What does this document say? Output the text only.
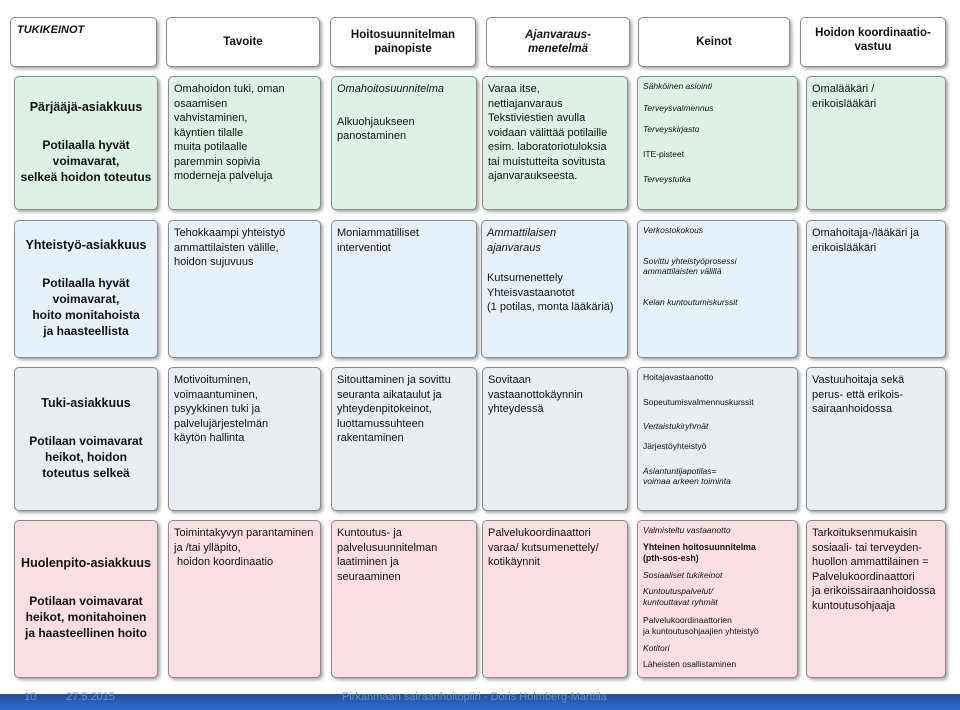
TUKIKEINOT
Tavoite
Hoitosuunnitelman
painopiste
Ajanvaraus-
menetelmä
Keinot
Hoidon koordinaatio-
vastuu
Pärjääjä-asiakkuus
Potilaalla hyvät
voimavarat,
selkeä hoidon toteutus
Omahoidon tuki, oman
osaamisen
vahvistaminen,
käyntien tilalle
muita potilaalle
paremmin sopivia
moderneja palveluja
Omahoitosuunnitelma
Alkuohjaukseen
panostaminen
Varaa itse,
nettiajanvaraus
Tekstiviestien avulla
voidaan välittää potilaille
esim. laboratoriotuloksia
tai muistutteita sovitusta
ajanvaraukseesta.
Sähköinen asiointi
Terveysvalmennus
Terveyskirjasto
ITE-pisteet
Terveystutka
Omalääkäri / erikoislääkäri
Yhteistyö-asiakkuus
Potilaalla hyvät
voimavarat,
hoito monitahoista
ja haasteellista
Tehokkaampi yhteistyö
ammattilaisten välille,
hoidon sujuvuus
Moniammatilliset
interventiot
Ammattilaisen
ajanvaraus
Kutsumenettely
Yhteisvastaanotot
(1 potilas, monta lääkäriä)
Verkostokokous
Sovittu yhteistyöprosessi
ammattilaisten välillä
Kelan kuntoutumiskurssit
Omahoitaja-/lääkäri ja
erikoislääkäri
Tuki-asiakkuus
Potilaan voimavarat
heikot, hoidon
toteutus selkeä
Motivoituminen,
voimaantuminen,
psyykkinen tuki ja
palvelujärjestelmän
käytön hallinta
Sitouttaminen ja sovittu
seuranta aikataulut ja
yhteydenpitokeinot,
luottamussuhteen
rakentaminen
Sovitaan
vastaanottokäynnin
yhteydessä
Hoitajavastaanotto
Sopeutumisvalmennuskurssit
Vertaistukiryhmät
Järjestöyhteistyö
Asiantuntijapotilas=
voimaa arkeen toiminta
Vastuuhoitaja sekä
perus- että erikois-
sairaanhoidossa
Huolenpito-asiakkuus
Potilaan voimavarat
heikot, monitahoinen
ja haasteellinen hoito
Toimintakyvyn parantaminen
ja /tai ylläpito,
hoidon koordinaatio
Kuntoutus- ja
palvelusuunnitelman
laatiminen ja
seuraaminen
Palvelukoordinaattori
varaa/ kutsumenettely/
kotikäynnit
Valmisteltu vastaanotto
Yhteinen hoitosuunnitelma
(pth-sos-esh)
Sosiaaliset tukikeinot
Kuntoutuspalvelut/
kuntouttavat ryhmät
Palvelukoordinaattorien
ja kuntoutusohjaajien yhteistyö
Kotitori
Läheisten osallistaminen
Tarkoituksenmukaisin
sosiaali- tai terveyden-
huollon ammattilainen =
Palvelukoordinaattori
ja erikoissairaanhoidossa
kuntoutusohjaaja
10	27.5.2015	Pirkanmaan sairaanhoitopiiri - Doris Holmberg-Marttila
